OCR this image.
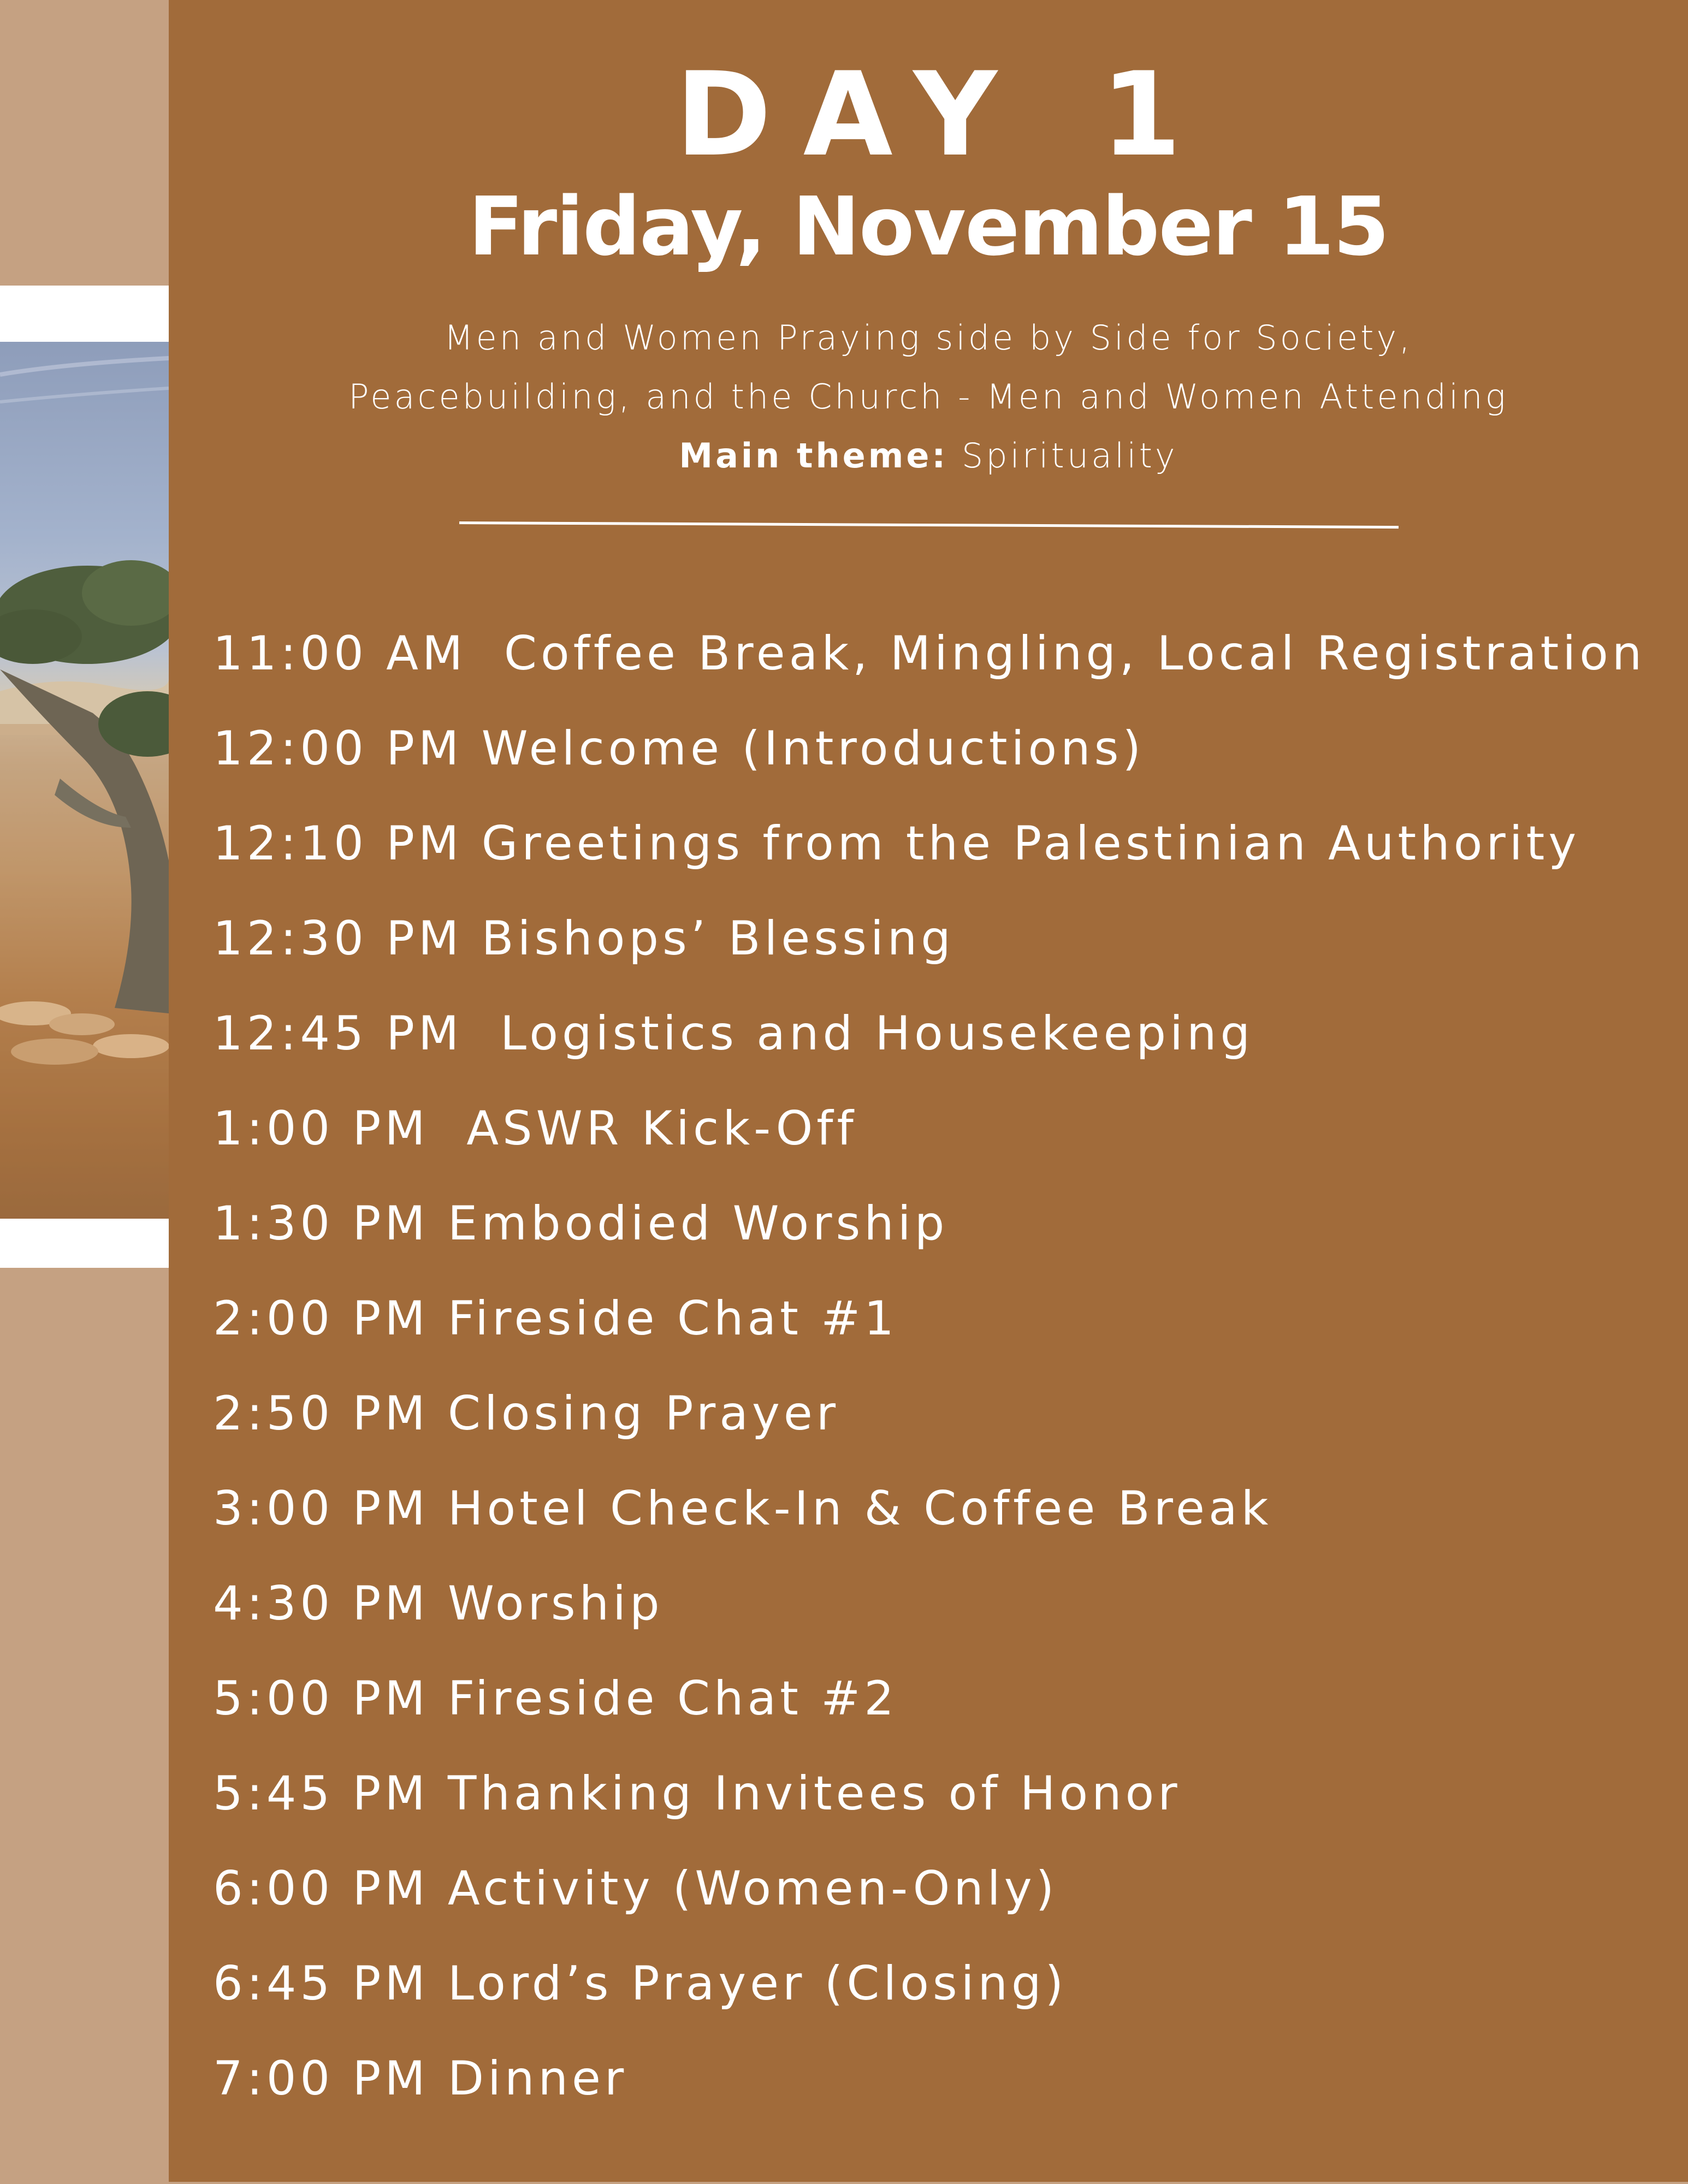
DAY 1
Friday, November 15
Men and Women Praying side by Side for Society,
Peacebuilding, and the Church - Men and Women Attending
Main theme: Spirituality
11:00 AM Coffee Break, Mingling, Local Registration
12:00 PM Welcome (Introductions)
12:10 PM Greetings from the Palestinian Authority
12:30 PM Bishops’ Blessing
12:45 PM Logistics and Housekeeping
1:00 PM ASWR Kick-Off
1:30 PM Embodied Worship
2:00 PM Fireside Chat #1
2:50 PM Closing Prayer
3:00 PM Hotel Check-In & Coffee Break
4:30 PM Worship
5:00 PM Fireside Chat #2
5:45 PM Thanking Invitees of Honor
6:00 PM Activity (Women-Only)
6:45 PM Lord’s Prayer (Closing)
7:00 PM Dinner
